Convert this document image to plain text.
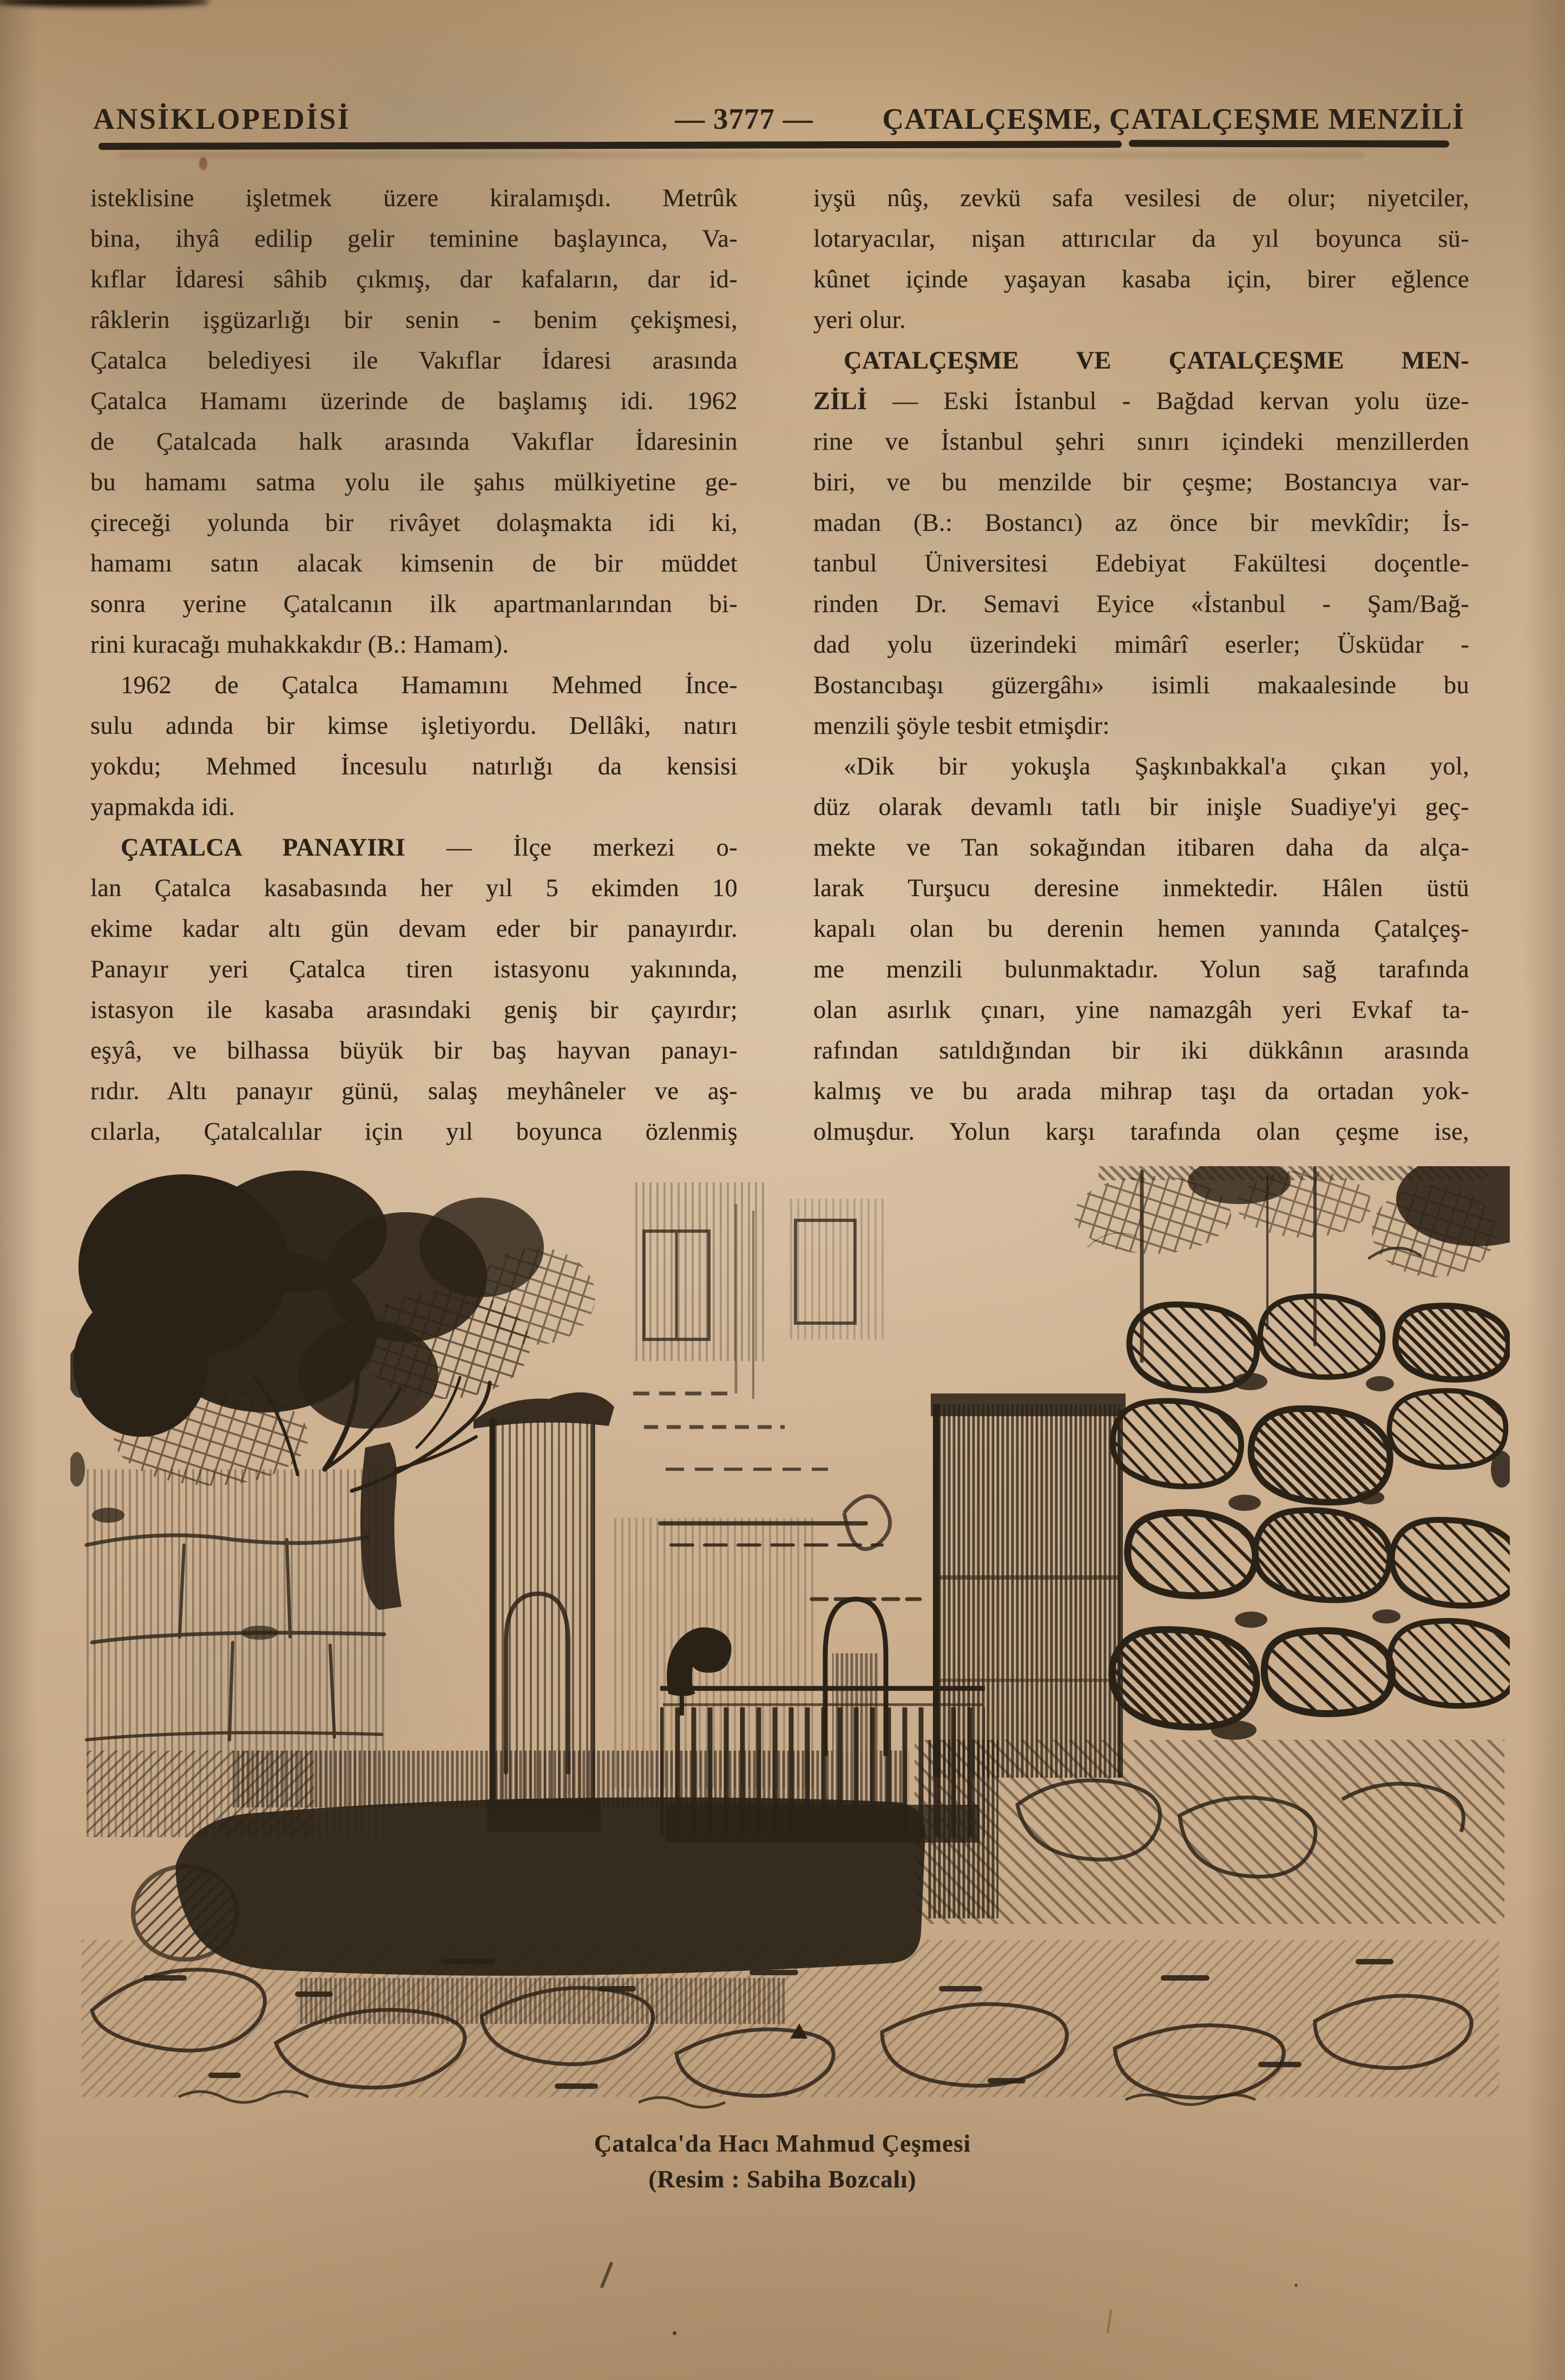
ANSİKLOPEDİSİ	— 3777 —	ÇATALÇEŞME, ÇATALÇEŞME MENZİLİ
isteklisine işletmek üzere kiralamışdı. Metrûk
bina, ihyâ edilip gelir teminine başlayınca, Va-
kıflar İdaresi sâhib çıkmış, dar kafaların, dar id-
râklerin işgüzarlığı bir senin - benim çekişmesi,
Çatalca belediyesi ile Vakıflar İdaresi arasında
Çatalca Hamamı üzerinde de başlamış idi. 1962
de Çatalcada halk arasında Vakıflar İdaresinin
bu hamamı satma yolu ile şahıs mülkiyetine ge-
çireceği yolunda bir rivâyet dolaşmakta idi ki,
hamamı satın alacak kimsenin de bir müddet
sonra yerine Çatalcanın ilk apartmanlarından bi-
rini kuracağı muhakkakdır (B.: Hamam).
1962 de Çatalca Hamamını Mehmed İnce-
sulu adında bir kimse işletiyordu. Dellâki, natırı
yokdu; Mehmed İncesulu natırlığı da kensisi
yapmakda idi.
ÇATALCA PANAYIRI — İlçe merkezi o-
lan Çatalca kasabasında her yıl 5 ekimden 10
ekime kadar altı gün devam eder bir panayırdır.
Panayır yeri Çatalca tiren istasyonu yakınında,
istasyon ile kasaba arasındaki geniş bir çayırdır;
eşyâ, ve bilhassa büyük bir baş hayvan panayı-
rıdır. Altı panayır günü, salaş meyhâneler ve aş-
cılarla, Çatalcalılar için yıl boyunca özlenmiş
iyşü nûş, zevkü safa vesilesi de olur; niyetciler,
lotaryacılar, nişan attırıcılar da yıl boyunca sü-
kûnet içinde yaşayan kasaba için, birer eğlence
yeri olur.
ÇATALÇEŞME VE ÇATALÇEŞME MEN-
ZİLİ — Eski İstanbul - Bağdad kervan yolu üze-
rine ve İstanbul şehri sınırı içindeki menzillerden
biri, ve bu menzilde bir çeşme; Bostancıya var-
madan (B.: Bostancı) az önce bir mevkîdir; İs-
tanbul Üniversitesi Edebiyat Fakültesi doçentle-
rinden Dr. Semavi Eyice «İstanbul - Şam/Bağ-
dad yolu üzerindeki mimârî eserler; Üsküdar -
Bostancıbaşı güzergâhı» isimli makaalesinde bu
menzili şöyle tesbit etmişdir:
«Dik bir yokuşla Şaşkınbakkal'a çıkan yol,
düz olarak devamlı tatlı bir inişle Suadiye'yi geç-
mekte ve Tan sokağından itibaren daha da alça-
larak Turşucu deresine inmektedir. Hâlen üstü
kapalı olan bu derenin hemen yanında Çatalçeş-
me menzili bulunmaktadır. Yolun sağ tarafında
olan asırlık çınarı, yine namazgâh yeri Evkaf ta-
rafından satıldığından bir iki dükkânın arasında
kalmış ve bu arada mihrap taşı da ortadan yok-
olmuşdur. Yolun karşı tarafında olan çeşme ise,
Çatalca'da Hacı Mahmud Çeşmesi
(Resim : Sabiha Bozcalı)
